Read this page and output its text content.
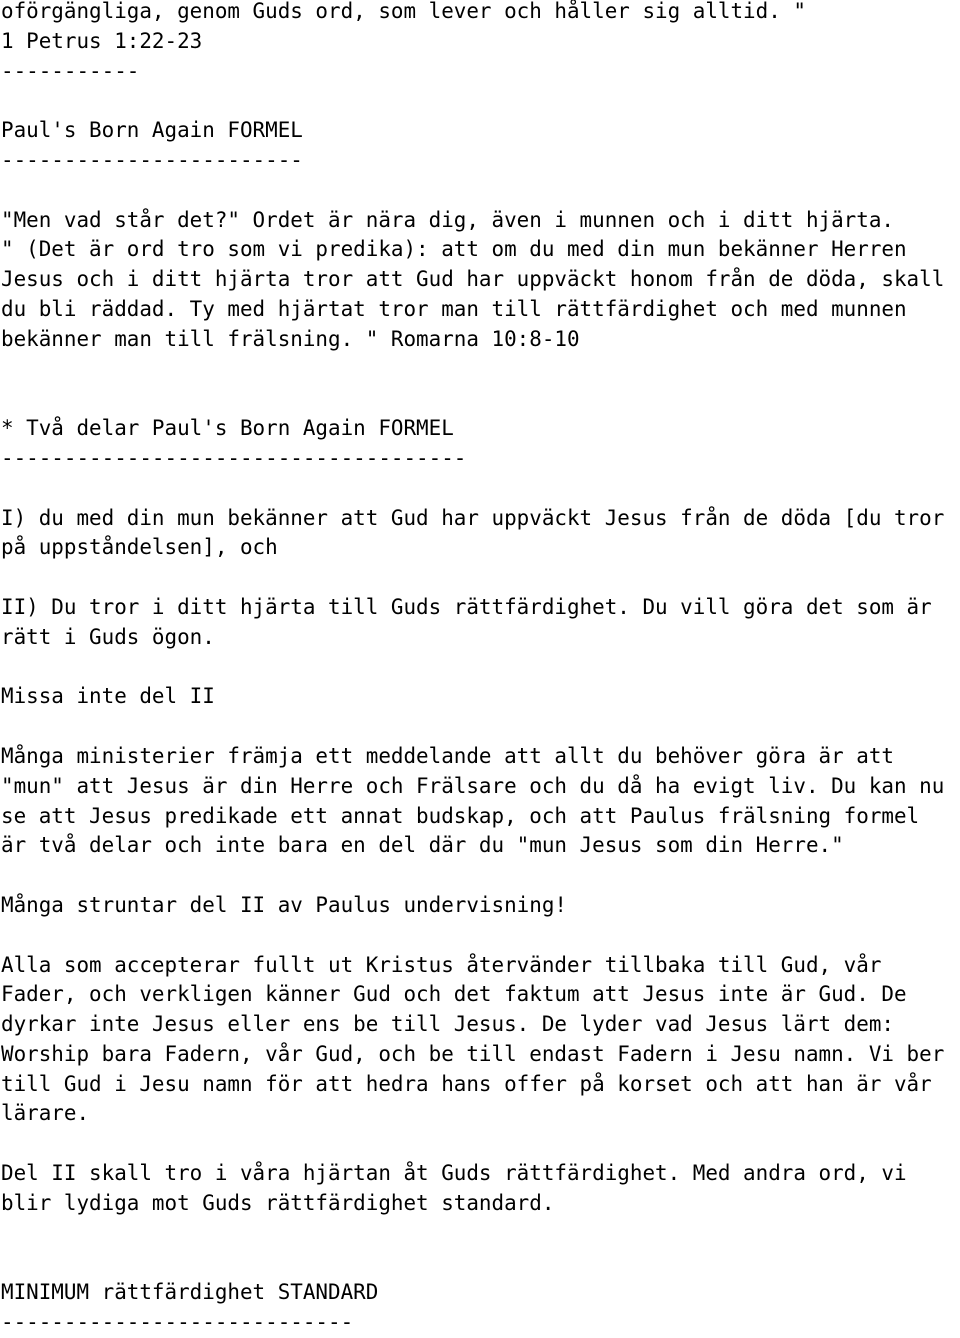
oförgängliga, genom Guds ord, som lever och håller sig alltid. "
1 Petrus 1:22-23
-----------
Paul's Born Again FORMEL
------------------------
"Men vad står det?" Ordet är nära dig, även i munnen och i ditt hjärta.
" (Det är ord tro som vi predika): att om du med din mun bekänner Herren
Jesus och i ditt hjärta tror att Gud har uppväckt honom från de döda, skall
du bli räddad. Ty med hjärtat tror man till rättfärdighet och med munnen
bekänner man till frälsning. " Romarna 10:8-10
* Två delar Paul's Born Again FORMEL
-------------------------------------
I) du med din mun bekänner att Gud har uppväckt Jesus från de döda [du tror
på uppståndelsen], och
II) Du tror i ditt hjärta till Guds rättfärdighet. Du vill göra det som är
rätt i Guds ögon.
Missa inte del II
Många ministerier främja ett meddelande att allt du behöver göra är att
"mun" att Jesus är din Herre och Frälsare och du då ha evigt liv. Du kan nu
se att Jesus predikade ett annat budskap, och att Paulus frälsning formel
är två delar och inte bara en del där du "mun Jesus som din Herre."
Många struntar del II av Paulus undervisning!
Alla som accepterar fullt ut Kristus återvänder tillbaka till Gud, vår
Fader, och verkligen känner Gud och det faktum att Jesus inte är Gud. De
dyrkar inte Jesus eller ens be till Jesus. De lyder vad Jesus lärt dem:
Worship bara Fadern, vår Gud, och be till endast Fadern i Jesu namn. Vi ber
till Gud i Jesu namn för att hedra hans offer på korset och att han är vår
lärare.
Del II skall tro i våra hjärtan åt Guds rättfärdighet. Med andra ord, vi
blir lydiga mot Guds rättfärdighet standard.
MINIMUM rättfärdighet STANDARD
----------------------------
